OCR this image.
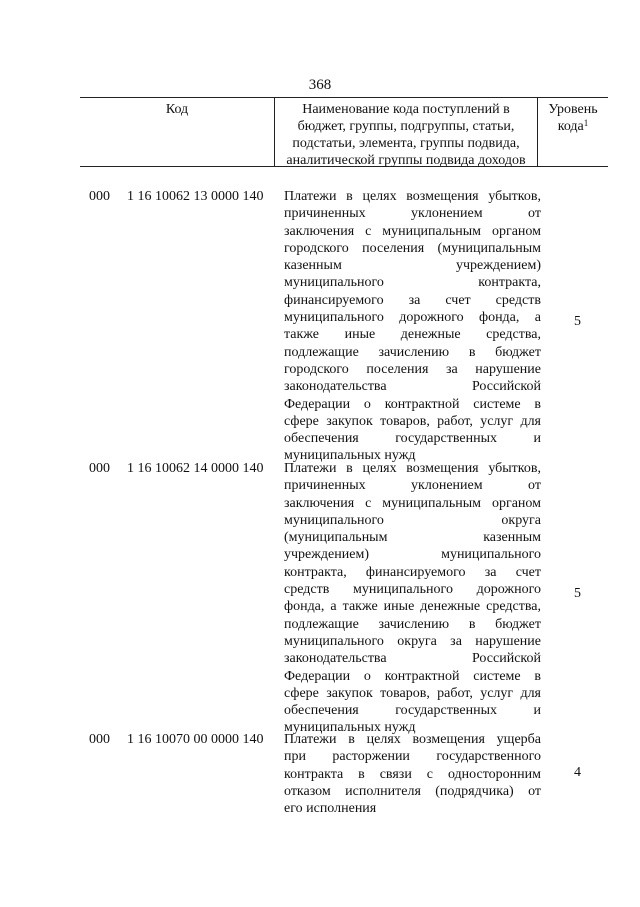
368
Код	Наименование кода поступлений в
бюджет, группы, подгруппы, статьи,
подстатьи, элемента, группы подвида,
аналитической группы подвида доходов
Уровень
кода$^1$
000 1 16 10062 13 0000 140 Платежи в целях возмещения убытков,
причиненных уклонением от
заключения с муниципальным органом
городского поселения (муниципальным
казенным учреждением)
муниципального контракта,
финансируемого за счет средств
муниципального дорожного фонда, а
также иные денежные средства,
подлежащие зачислению в бюджет
городского поселения за нарушение
законодательства Российской
Федерации о контрактной системе в
сфере закупок товаров, работ, услуг для
обеспечения государственных и
муниципальных нужд
5
000 1 16 10062 14 0000 140 Платежи в целях возмещения убытков,
причиненных уклонением от
заключения с муниципальным органом
муниципального округа
(муниципальным казенным
учреждением) муниципального
контракта, финансируемого за счет
средств муниципального дорожного
фонда, а также иные денежные средства,
подлежащие зачислению в бюджет
муниципального округа за нарушение
законодательства Российской
Федерации о контрактной системе в
сфере закупок товаров, работ, услуг для
обеспечения государственных и
муниципальных нужд
5
000 1 16 10070 00 0000 140 Платежи в целях возмещения ущерба
при расторжении государственного
контракта в связи с односторонним
отказом исполнителя (подрядчика) от
его исполнения
4
